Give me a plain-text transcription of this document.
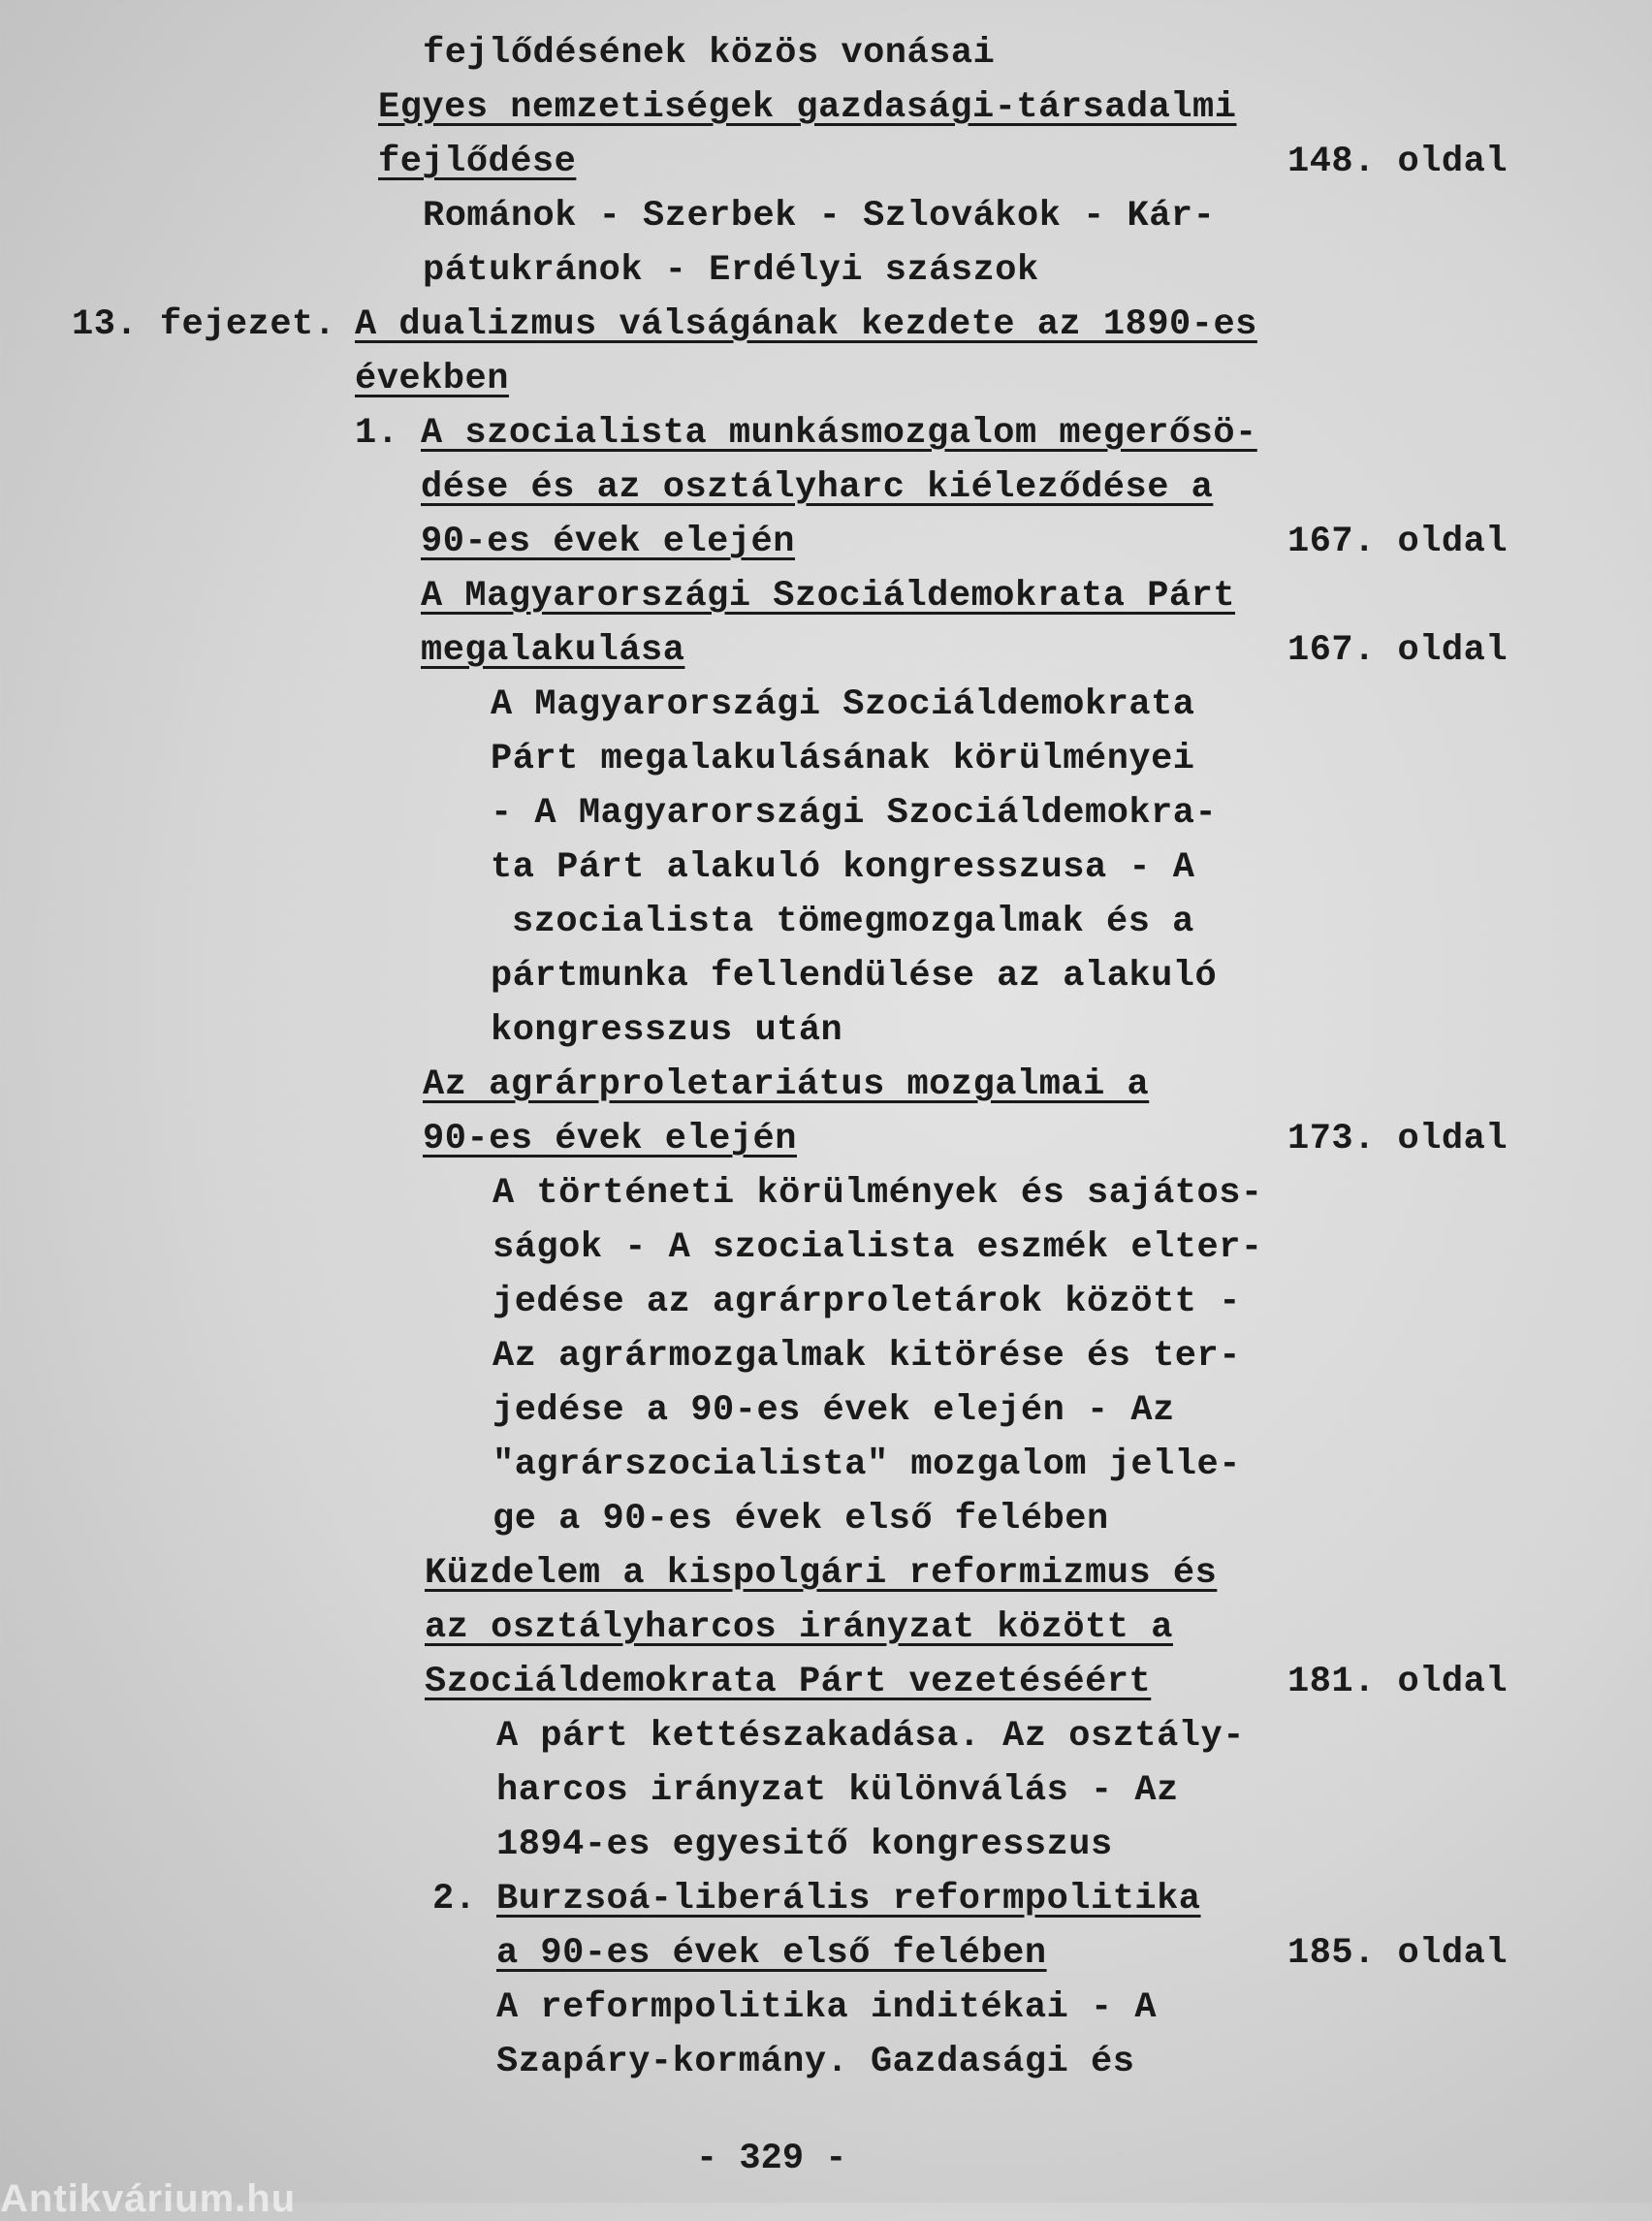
fejlődésének közös vonásai
Egyes nemzetiségek gazdasági-társadalmi
fejlődése
Románok - Szerbek - Szlovákok - Kár-
pátukránok - Erdélyi szászok
13. fejezet. A dualizmus válságának kezdete az 1890-es
években
1. A szocialista munkásmozgalom megerősö-
dése és az osztályharc kiéleződése a
90-es évek elején
A Magyarországi Szociáldemokrata Párt
megalakulása
A Magyarországi Szociáldemokrata
Párt megalakulásának körülményei
- A Magyarországi Szociáldemokra-
ta Párt alakuló kongresszusa - A
szocialista tömegmozgalmak és a
pártmunka fellendülése az alakuló
kongresszus után
Az agrárproletariátus mozgalmai a
90-es évek elején
A történeti körülmények és sajátos-
ságok - A szocialista eszmék elter-
jedése az agrárproletárok között -
Az agrármozgalmak kitörése és ter-
jedése a 90-es évek elején - Az
"agrárszocialista" mozgalom jelle-
ge a 90-es évek első felében
Küzdelem a kispolgári reformizmus és
az osztályharcos irányzat között a
Szociáldemokrata Párt vezetéséért
A párt kettészakadása. Az osztály-
harcos irányzat különválás - Az
1894-es egyesitő kongresszus
2. Burzsoá-liberális reformpolitika
a 90-es évek első felében
A reformpolitika inditékai - A
Szapáry-kormány. Gazdasági és
148. oldal
167. oldal
167. oldal
173. oldal
181. oldal
185. oldal
- 329 -
Antikvárium.hu
